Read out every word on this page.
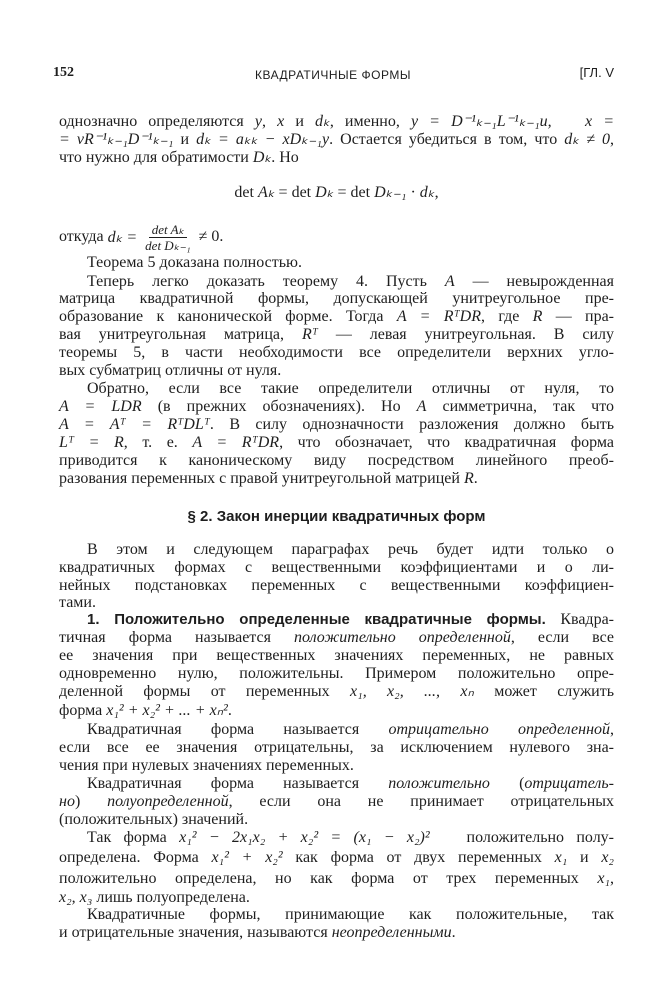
152	КВАДРАТИЧНЫЕ ФОРМЫ	[ГЛ. V
однозначно определяются y, x и dₖ, именно, y = D⁻¹ₖ₋₁L⁻¹ₖ₋₁u, x =
= vR⁻¹ₖ₋₁D⁻¹ₖ₋₁ и dₖ = aₖₖ − xDₖ₋₁y. Остается убедиться в том, что dₖ ≠ 0,
что нужно для обратимости Dₖ. Но
det Aₖ = det Dₖ = det Dₖ₋₁ · dₖ,
Теорема 5 доказана полностью.
Теперь легко доказать теорему 4. Пусть A — невырожденная
матрица квадратичной формы, допускающей унитреугольное пре-
образование к канонической форме. Тогда A = RᵀDR, где R — пра-
вая унитреугольная матрица, Rᵀ — левая унитреугольная. В силу
теоремы 5, в части необходимости все определители верхних угло-
вых субматриц отличны от нуля.
Обратно, если все такие определители отличны от нуля, то
A = LDR (в прежних обозначениях). Но A симметрична, так что
A = Aᵀ = RᵀDLᵀ. В силу однозначности разложения должно быть
Lᵀ = R, т. е. A = RᵀDR, что обозначает, что квадратичная форма
приводится к каноническому виду посредством линейного преоб-
разования переменных с правой унитреугольной матрицей R.
§ 2. Закон инерции квадратичных форм
В этом и следующем параграфах речь будет идти только о
квадратичных формах с вещественными коэффициентами и о ли-
нейных подстановках переменных с вещественными коэффициен-
тами.
1. Положительно определенные квадратичные формы. Квадра-
тичная форма называется положительно определенной, если все
ее значения при вещественных значениях переменных, не равных
одновременно нулю, положительны. Примером положительно опре-
деленной формы от переменных x₁, x₂, ..., xₙ может служить
форма x₁² + x₂² + ... + xₙ².
Квадратичная форма называется отрицательно определенной,
если все ее значения отрицательны, за исключением нулевого зна-
чения при нулевых значениях переменных.
Квадратичная форма называется положительно (отрицатель-
но) полуопределенной, если она не принимает отрицательных
(положительных) значений.
Так форма x₁² − 2x₁x₂ + x₂² = (x₁ − x₂)²   положительно полу-
определена. Форма x₁² + x₂² как форма от двух переменных x₁ и x₂
положительно определена, но как форма от трех переменных x₁,
x₂, x₃ лишь полуопределена.
Квадратичные формы, принимающие как положительные, так
и отрицательные значения, называются неопределенными.
откуда $d_k = \frac{\text{det Aₖ}}{\text{det Dₖ₋₁}} \ne 0$.
